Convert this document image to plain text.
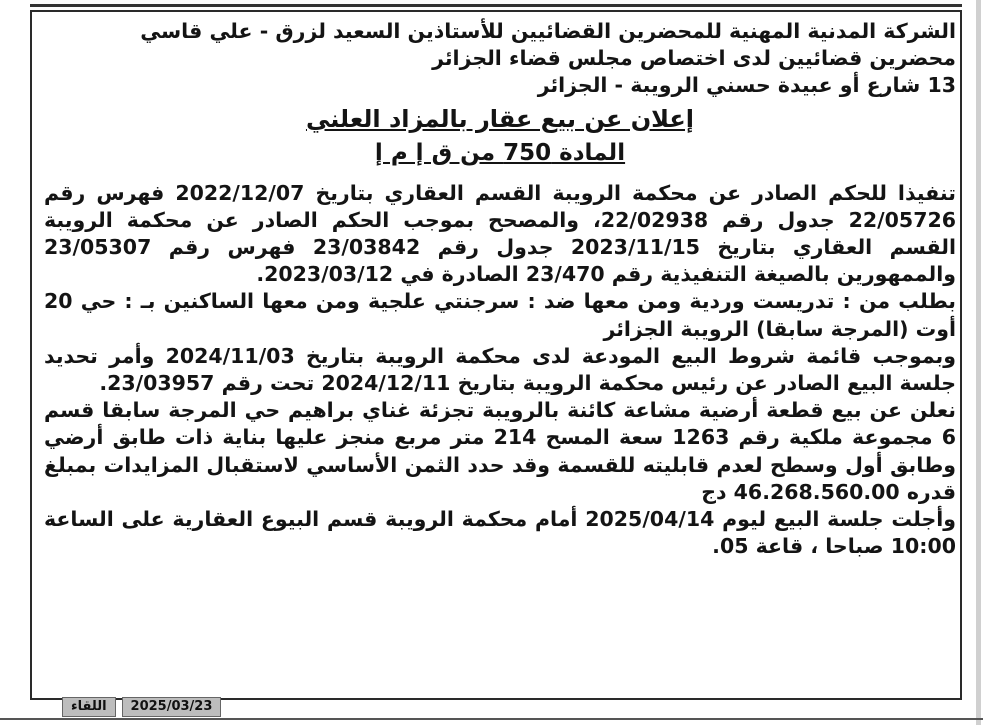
الشركة المدنية المهنية للمحضرين القضائيين للأستاذين السعيد لزرق - علي قاسي
محضرين قضائيين لدى اختصاص مجلس قضاء الجزائر
13 شارع أو عبيدة حسني الرويبة - الجزائر
إعلان عن بيع عقار بالمزاد العلني
المادة 750 من ق إ م إ

تنفيذا للحكم الصادر عن محكمة الرويبة القسم العقاري بتاريخ 2022/12/07 فهرس رقم 22/05726 جدول رقم 22/02938، والمصحح بموجب الحكم الصادر عن محكمة الرويبة القسم العقاري بتاريخ 2023/11/15 جدول رقم 23/03842 فهرس رقم 23/05307 والممهورين بالصيغة التنفيذية رقم 23/470 الصادرة في 2023/03/12.

بطلب من : تدريست وردية ومن معها ضد : سرجنتي علجية ومن معها الساكنين بـ : حي 20 أوت (المرجة سابقا) الرويبة الجزائر

وبموجب قائمة شروط البيع المودعة لدى محكمة الرويبة بتاريخ 2024/11/03 وأمر تحديد جلسة البيع الصادر عن رئيس محكمة الرويبة بتاريخ 2024/12/11 تحت رقم 23/03957.

نعلن عن بيع قطعة أرضية مشاعة كائنة بالرويبة تجزئة غناي براهيم حي المرجة سابقا قسم 6 مجموعة ملكية رقم 1263 سعة المسح 214 متر مربع منجز عليها بناية ذات طابق أرضي وطابق أول وسطح لعدم قابليته للقسمة وقد حدد الثمن الأساسي لاستقبال المزايدات بمبلغ قدره 46.268.560.00 دج

وأجلت جلسة البيع ليوم 2025/04/14 أمام محكمة الرويبة قسم البيوع العقارية على الساعة 10:00 صباحا ، قاعة 05.

اللقاء	2025/03/23
